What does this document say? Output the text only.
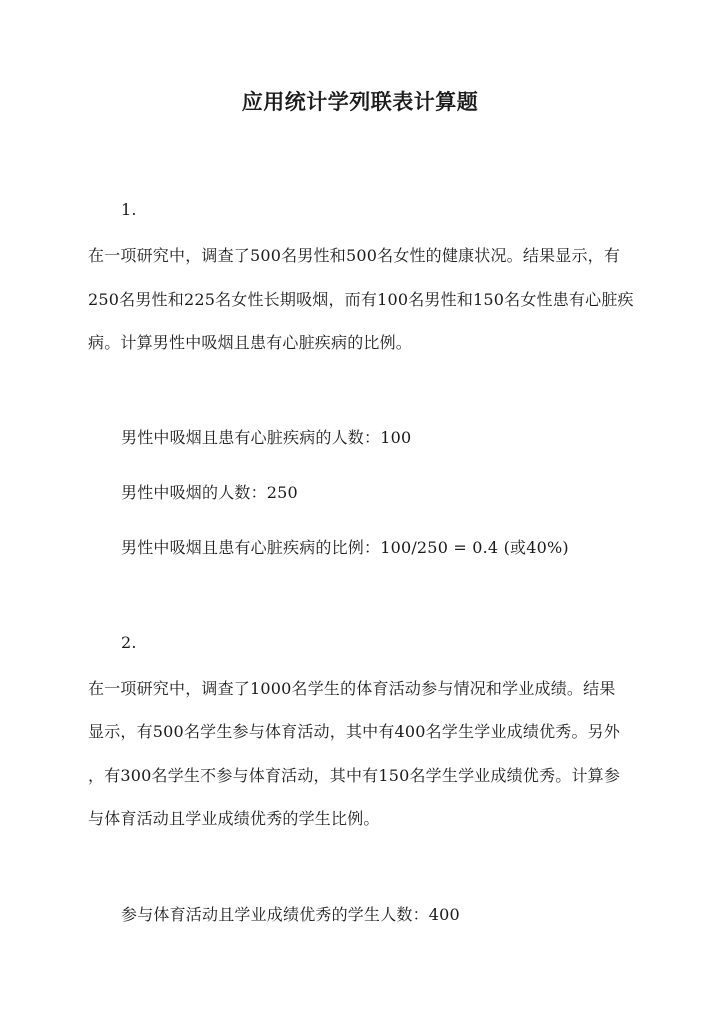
应用统计学列联表计算题
1.
在一项研究中，调查了500名男性和500名女性的健康状况。结果显示，有
250名男性和225名女性长期吸烟，而有100名男性和150名女性患有心脏疾
病。计算男性中吸烟且患有心脏疾病的比例。
男性中吸烟且患有心脏疾病的人数：100
男性中吸烟的人数：250
男性中吸烟且患有心脏疾病的比例：100/250 = 0.4 (或40%)
2.
在一项研究中，调查了1000名学生的体育活动参与情况和学业成绩。结果
显示，有500名学生参与体育活动，其中有400名学生学业成绩优秀。另外
，有300名学生不参与体育活动，其中有150名学生学业成绩优秀。计算参
与体育活动且学业成绩优秀的学生比例。
参与体育活动且学业成绩优秀的学生人数：400
